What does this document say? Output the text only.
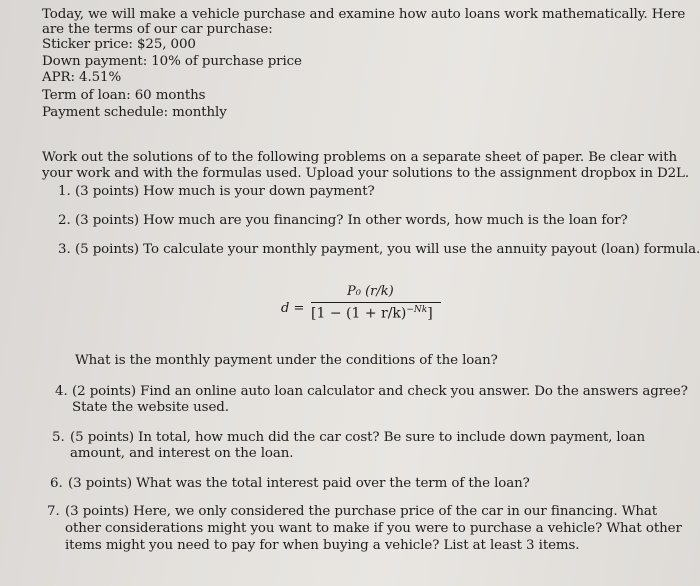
Today, we will make a vehicle purchase and examine how auto loans work mathematically. Here
are the terms of our car purchase:
Sticker price: $25, 000
Down payment: 10% of purchase price
APR: 4.51%
Term of loan: 60 months
Payment schedule: monthly
Work out the solutions of to the following problems on a separate sheet of paper. Be clear with
your work and with the formulas used. Upload your solutions to the assignment dropbox in D2L.
1. (3 points) How much is your down payment?
2. (3 points) How much are you financing? In other words, how much is the loan for?
3. (5 points) To calculate your monthly payment, you will use the annuity payout (loan) formula.
d =
P₀ (r/k)
$[1 - (1 + r/k)^{-Nk}]$
What is the monthly payment under the conditions of the loan?
4. (2 points) Find an online auto loan calculator and check you answer. Do the answers agree?
State the website used.
5. (5 points) In total, how much did the car cost? Be sure to include down payment, loan
amount, and interest on the loan.
6. (3 points) What was the total interest paid over the term of the loan?
7. (3 points) Here, we only considered the purchase price of the car in our financing. What
other considerations might you want to make if you were to purchase a vehicle? What other
items might you need to pay for when buying a vehicle? List at least 3 items.
